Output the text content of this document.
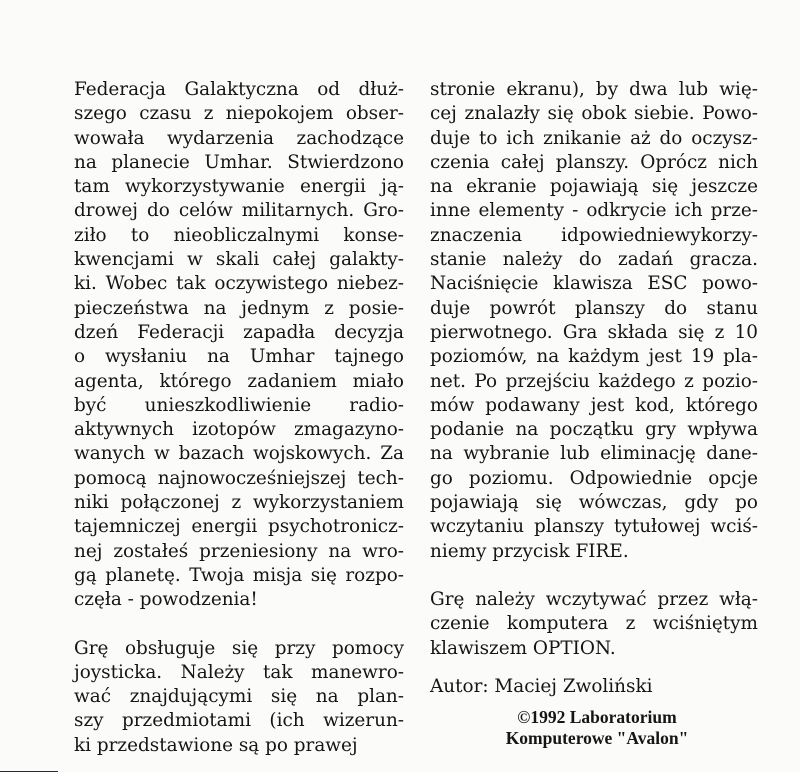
Federacja Galaktyczna od dłuż-
szego czasu z niepokojem obser-
wowała wydarzenia zachodzące
na planecie Umhar. Stwierdzono
tam wykorzystywanie energii ją-
drowej do celów militarnych. Gro-
ziło to nieobliczalnymi konse-
kwencjami w skali całej galakty-
ki. Wobec tak oczywistego niebez-
pieczeństwa na jednym z posie-
dzeń Federacji zapadła decyzja
o wysłaniu na Umhar tajnego
agenta, którego zadaniem miało
być unieszkodliwienie radio-
aktywnych izotopów zmagazyno-
wanych w bazach wojskowych. Za
pomocą najnowocześniejszej tech-
niki połączonej z wykorzystaniem
tajemniczej energii psychotronicz-
nej zostałeś przeniesiony na wro-
gą planetę. Twoja misja się rozpo-
częła - powodzenia!
Grę obsługuje się przy pomocy
joysticka. Należy tak manewro-
wać znajdującymi się na plan-
szy przedmiotami (ich wizerun-
ki przedstawione są po prawej
stronie ekranu), by dwa lub wię-
cej znalazły się obok siebie. Powo-
duje to ich znikanie aż do oczysz-
czenia całej planszy. Oprócz nich
na ekranie pojawiają się jeszcze
inne elementy - odkrycie ich prze-
znaczenia idpowiedniewykorzy-
stanie należy do zadań gracza.
Naciśnięcie klawisza ESC powo-
duje powrót planszy do stanu
pierwotnego. Gra składa się z 10
poziomów, na każdym jest 19 pla-
net. Po przejściu każdego z pozio-
mów podawany jest kod, którego
podanie na początku gry wpływa
na wybranie lub eliminację dane-
go poziomu. Odpowiednie opcje
pojawiają się wówczas, gdy po
wczytaniu planszy tytułowej wciś-
niemy przycisk FIRE.
Grę należy wczytywać przez włą-
czenie komputera z wciśniętym
klawiszem OPTION.
Autor: Maciej Zwoliński
©1992 Laboratorium
Komputerowe "Avalon"
